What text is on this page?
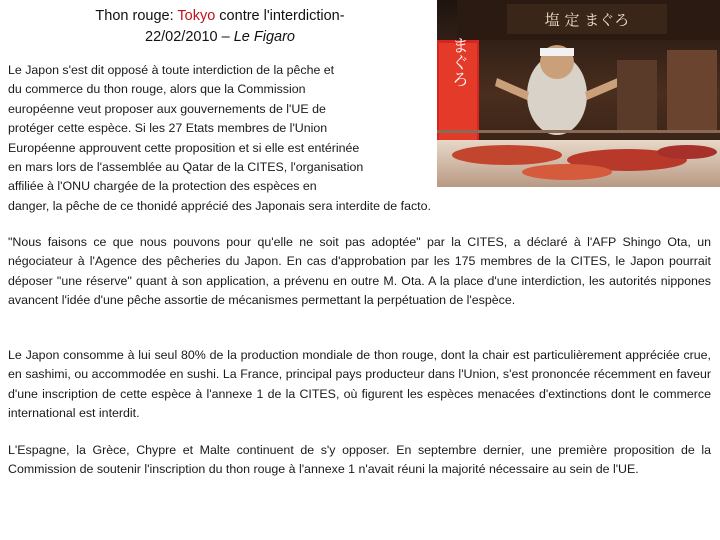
Thon rouge: Tokyo contre l'interdiction-
22/02/2010 – Le Figaro
塩 定 まぐろ
まぐろ
Le Japon s'est dit opposé à toute interdiction de la pêche et
du commerce du thon rouge, alors que la Commission
européenne veut proposer aux gouvernements de l'UE de
protéger cette espèce. Si les 27 Etats membres de l'Union
Européenne approuvent cette proposition et si elle est entérinée
en mars lors de l'assemblée au Qatar de la CITES, l'organisation
affiliée à l'ONU chargée de la protection des espèces en
danger, la pêche de ce thonidé apprécié des Japonais sera interdite de facto.
"Nous faisons ce que nous pouvons pour qu'elle ne soit pas adoptée" par la CITES, a déclaré à l'AFP Shingo Ota, un négociateur à l'Agence des pêcheries du Japon. En cas d'approbation par les 175 membres de la CITES, le Japon pourrait déposer "une réserve" quant à son application, a prévenu en outre M. Ota. A la place d'une interdiction, les autorités nippones avancent l'idée d'une pêche assortie de mécanismes permettant la perpétuation de l'espèce.
Le Japon consomme à lui seul 80% de la production mondiale de thon rouge, dont la chair est particulièrement appréciée crue, en sashimi, ou accommodée en sushi. La France, principal pays producteur dans l'Union, s'est prononcée récemment en faveur d'une inscription de cette espèce à l'annexe 1 de la CITES, où figurent les espèces menacées d'extinctions dont le commerce international est interdit.
L'Espagne, la Grèce, Chypre et Malte continuent de s'y opposer. En septembre dernier, une première proposition de la Commission de soutenir l'inscription du thon rouge à l'annexe 1 n'avait réuni la majorité nécessaire au sein de l'UE.
